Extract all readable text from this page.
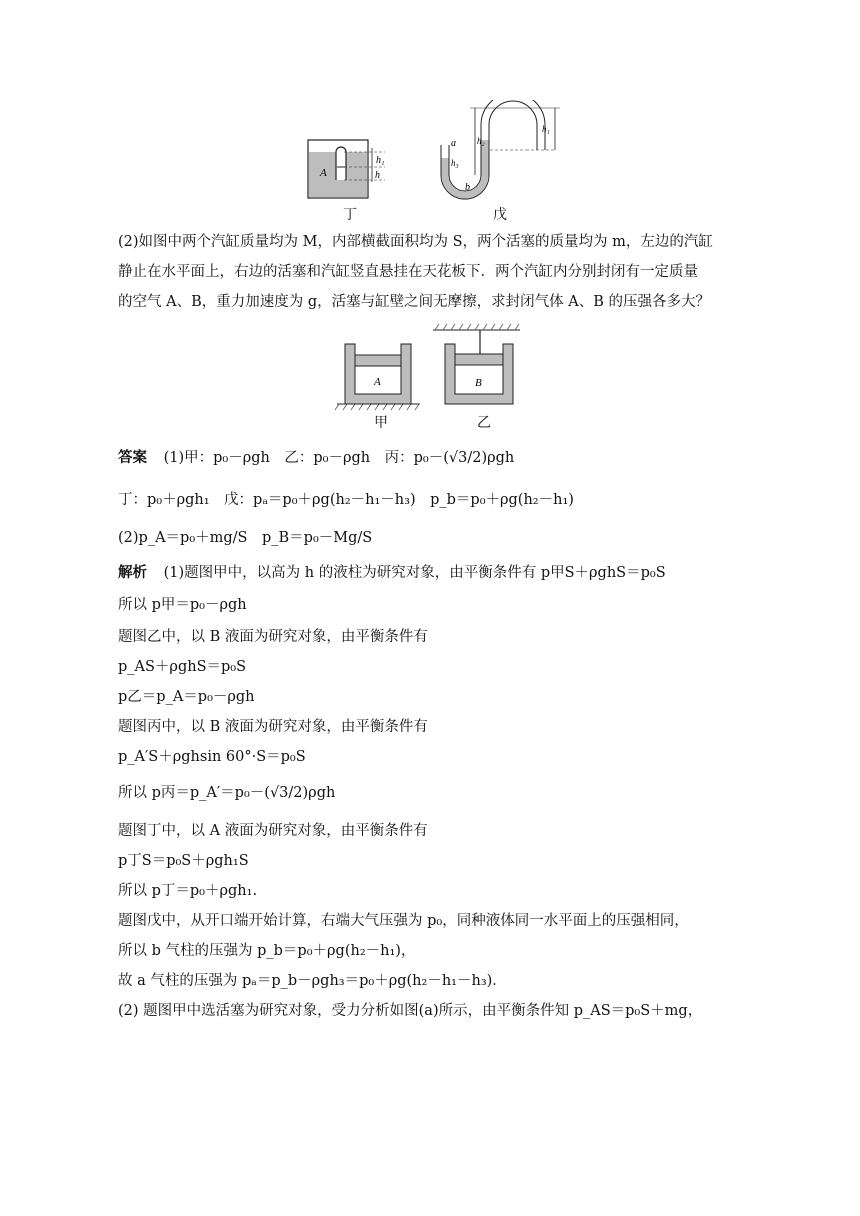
A
h₁
h
丁
a
b
h₁
h₂
h₃
戊
(2)如图中两个汽缸质量均为 M，内部横截面积均为 S，两个活塞的质量均为 m，左边的汽缸
静止在水平面上，右边的活塞和汽缸竖直悬挂在天花板下．两个汽缸内分别封闭有一定质量
的空气 A、B，重力加速度为 g，活塞与缸壁之间无摩擦，求封闭气体 A、B 的压强各多大？
A	B
甲	乙
答案 (1)甲：p₀－ρgh　乙：p₀－ρgh　丙：p₀－(√3/2)ρgh
丁：p₀＋ρgh₁　戊：pₐ＝p₀＋ρg(h₂－h₁－h₃)　p_b＝p₀＋ρg(h₂－h₁)
(2)p_A＝p₀＋mg/S　p_B＝p₀－Mg/S
解析 (1)题图甲中，以高为 h 的液柱为研究对象，由平衡条件有 p甲S＋ρghS＝p₀S
所以 p甲＝p₀－ρgh
题图乙中，以 B 液面为研究对象，由平衡条件有
p_AS＋ρghS＝p₀S
p乙＝p_A＝p₀－ρgh
题图丙中，以 B 液面为研究对象，由平衡条件有
p_A′S＋ρghsin 60°·S＝p₀S
所以 p丙＝p_A′＝p₀－(√3/2)ρgh
题图丁中，以 A 液面为研究对象，由平衡条件有
p丁S＝p₀S＋ρgh₁S
所以 p丁＝p₀＋ρgh₁.
题图戊中，从开口端开始计算，右端大气压强为 p₀，同种液体同一水平面上的压强相同，
所以 b 气柱的压强为 p_b＝p₀＋ρg(h₂－h₁)，
故 a 气柱的压强为 pₐ＝p_b－ρgh₃＝p₀＋ρg(h₂－h₁－h₃)．
(2) 题图甲中选活塞为研究对象，受力分析如图(a)所示，由平衡条件知 p_AS＝p₀S＋mg，
